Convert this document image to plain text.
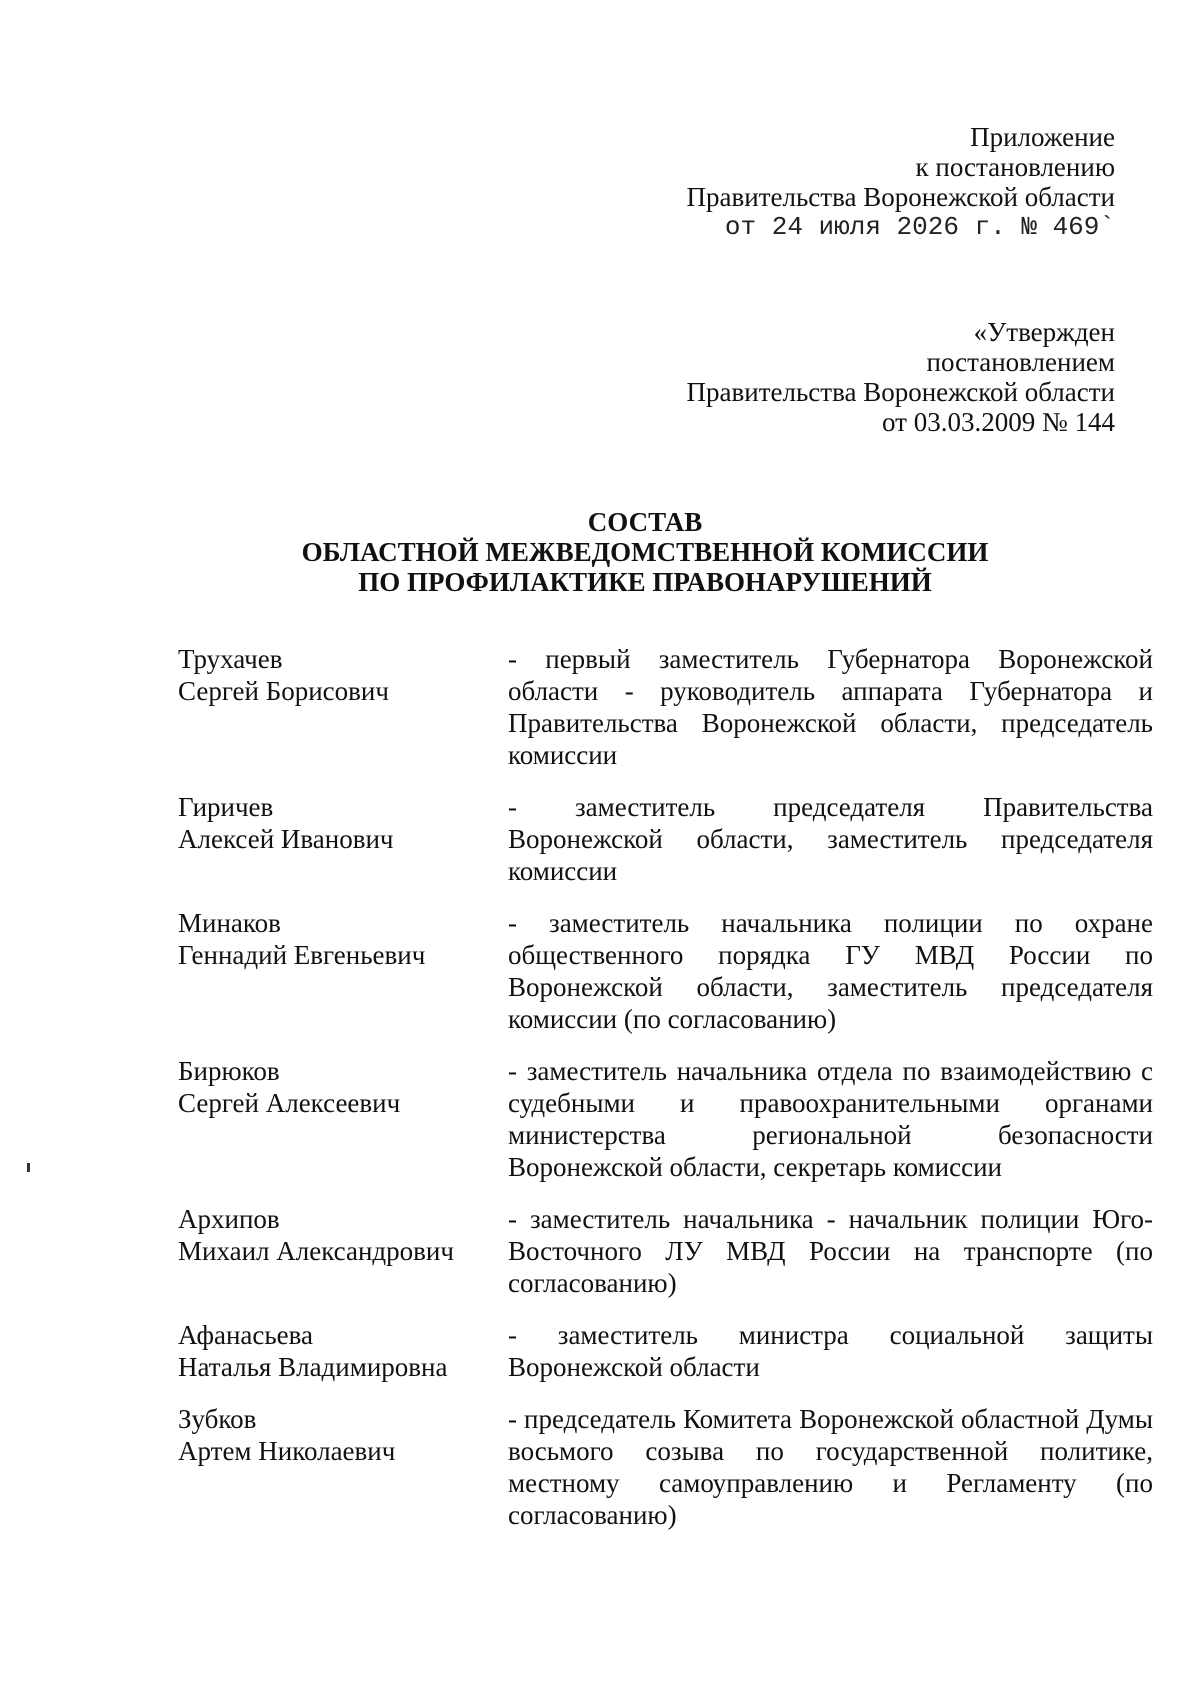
Приложение
к постановлению
Правительства Воронежской области
от 24 июля 2026 г. № 469`
«Утвержден
постановлением
Правительства Воронежской области
от 03.03.2009 № 144
СОСТАВ
ОБЛАСТНОЙ МЕЖВЕДОМСТВЕННОЙ КОМИССИИ
ПО ПРОФИЛАКТИКЕ ПРАВОНАРУШЕНИЙ
Трухачев
Сергей Борисович
- первый заместитель Губернатора Воронежской области - руководитель аппарата Губернатора и Правительства Воронежской области, председатель комиссии
Гиричев
Алексей Иванович
- заместитель председателя Правительства Воронежской области, заместитель председателя комиссии
Минаков
Геннадий Евгеньевич
- заместитель начальника полиции по охране общественного порядка ГУ МВД России по Воронежской области, заместитель председателя комиссии (по согласованию)
Бирюков
Сергей Алексеевич
- заместитель начальника отдела по взаимодействию с судебными и правоохранительными органами министерства региональной безопасности Воронежской области, секретарь комиссии
Архипов
Михаил Александрович
- заместитель начальника - начальник полиции Юго-Восточного ЛУ МВД России на транспорте (по согласованию)
Афанасьева
Наталья Владимировна
- заместитель министра социальной защиты Воронежской области
Зубков
Артем Николаевич
- председатель Комитета Воронежской областной Думы восьмого созыва по государственной политике, местному самоуправлению и Регламенту (по согласованию)
